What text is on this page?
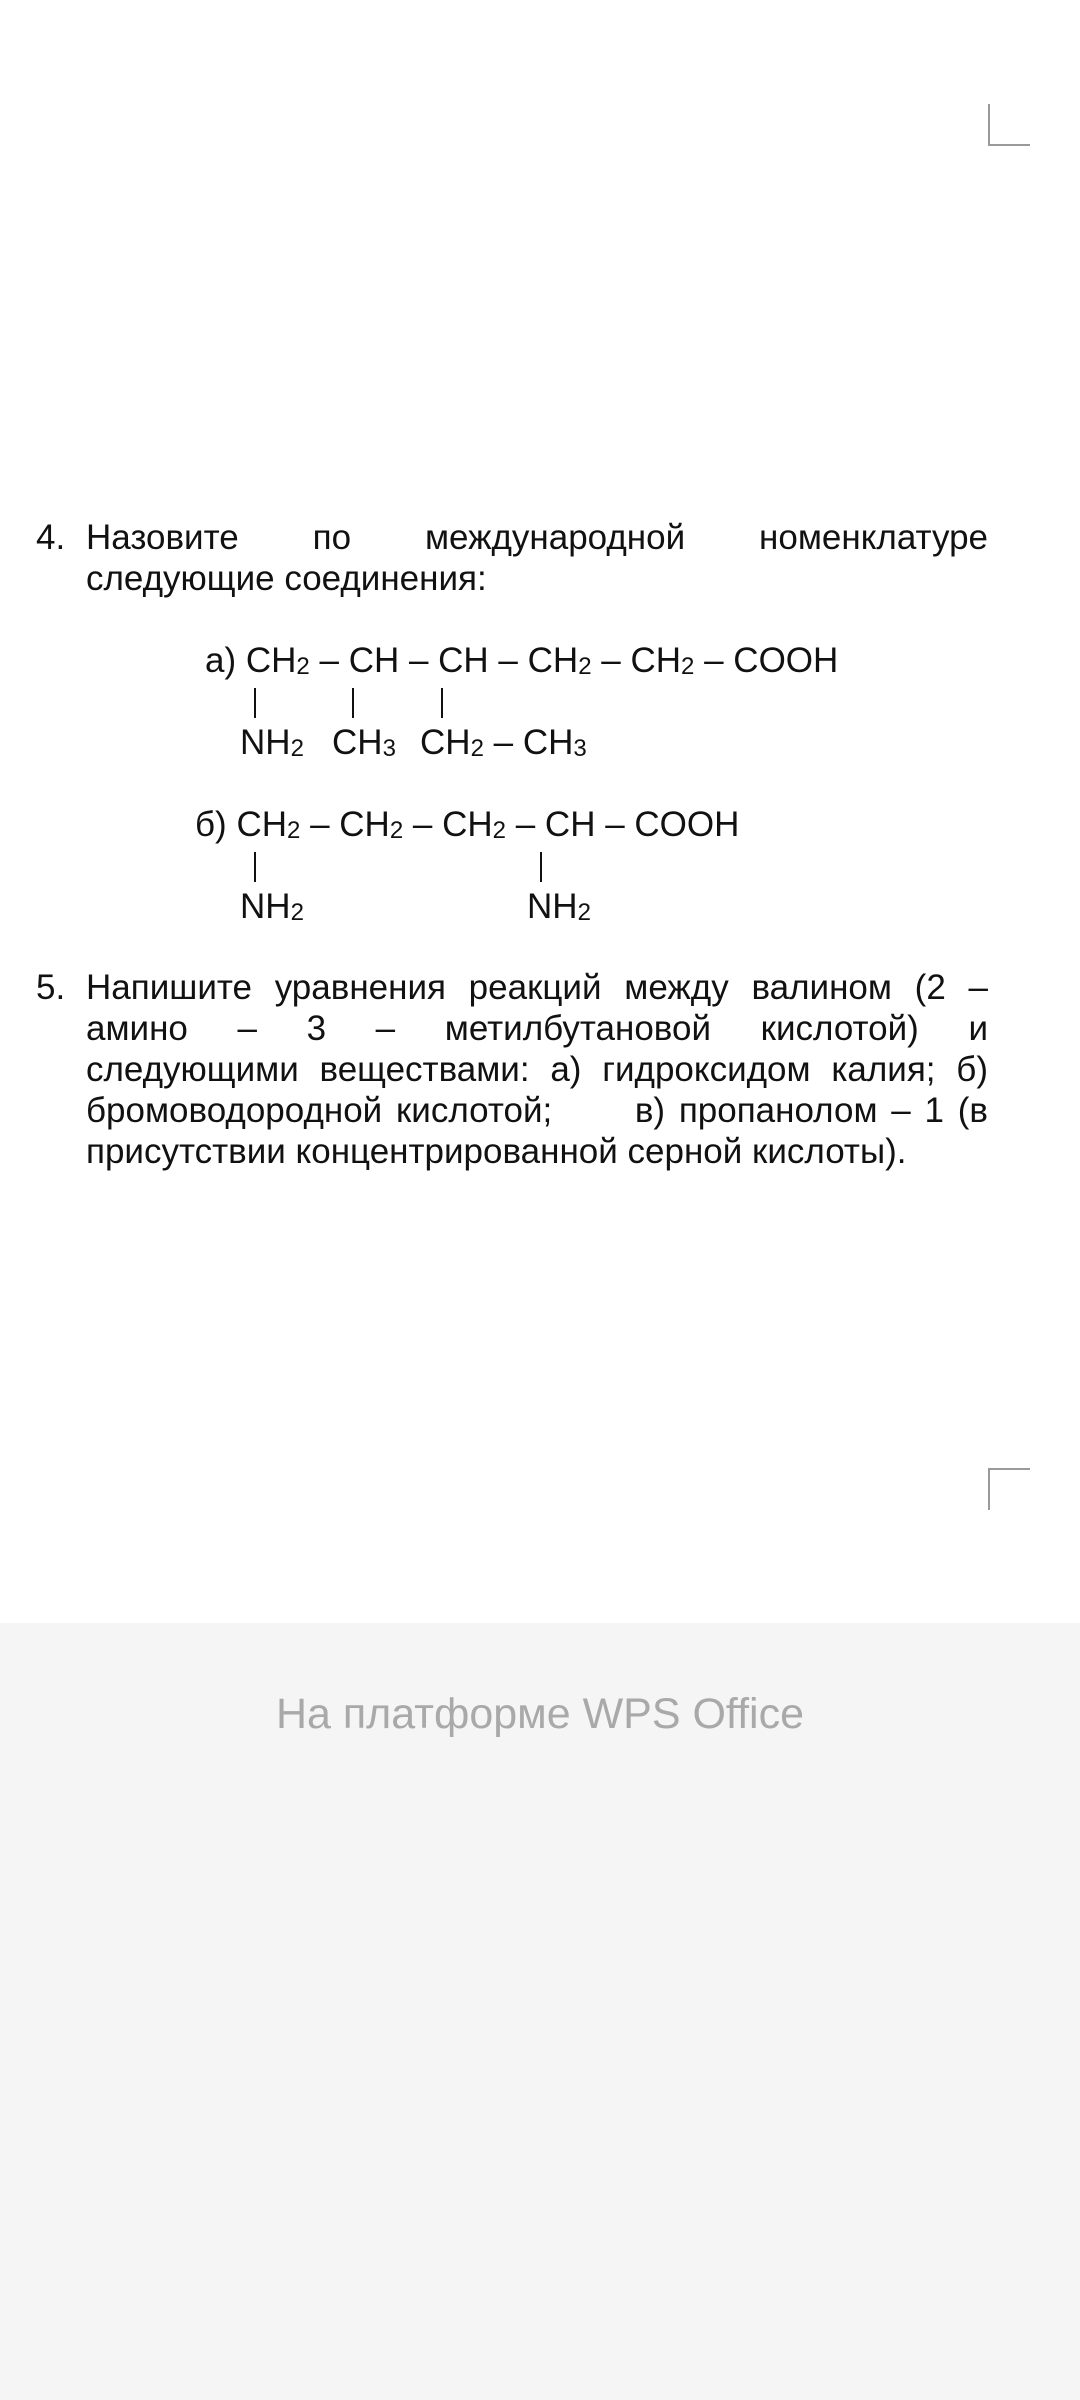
4. Назовите по международной номенклатуре
следующие соединения:
а) $CH_2$ – CH – CH – $CH_2 - CH_2$ – COOH
$NH_2$ $CH_3$ $CH_2 - CH_3$
б) $CH_2 - CH_2 - CH_2$ – CH – COOH
$NH_2$	$NH_2$
5. Напишите уравнения реакций между валином (2 –
амино – 3 – метилбутановой кислотой) и
следующими веществами: а) гидроксидом калия; б)
бромоводородной кислотой;      в) пропанолом – 1 (в
присутствии концентрированной серной кислоты).
На платформе WPS Office
